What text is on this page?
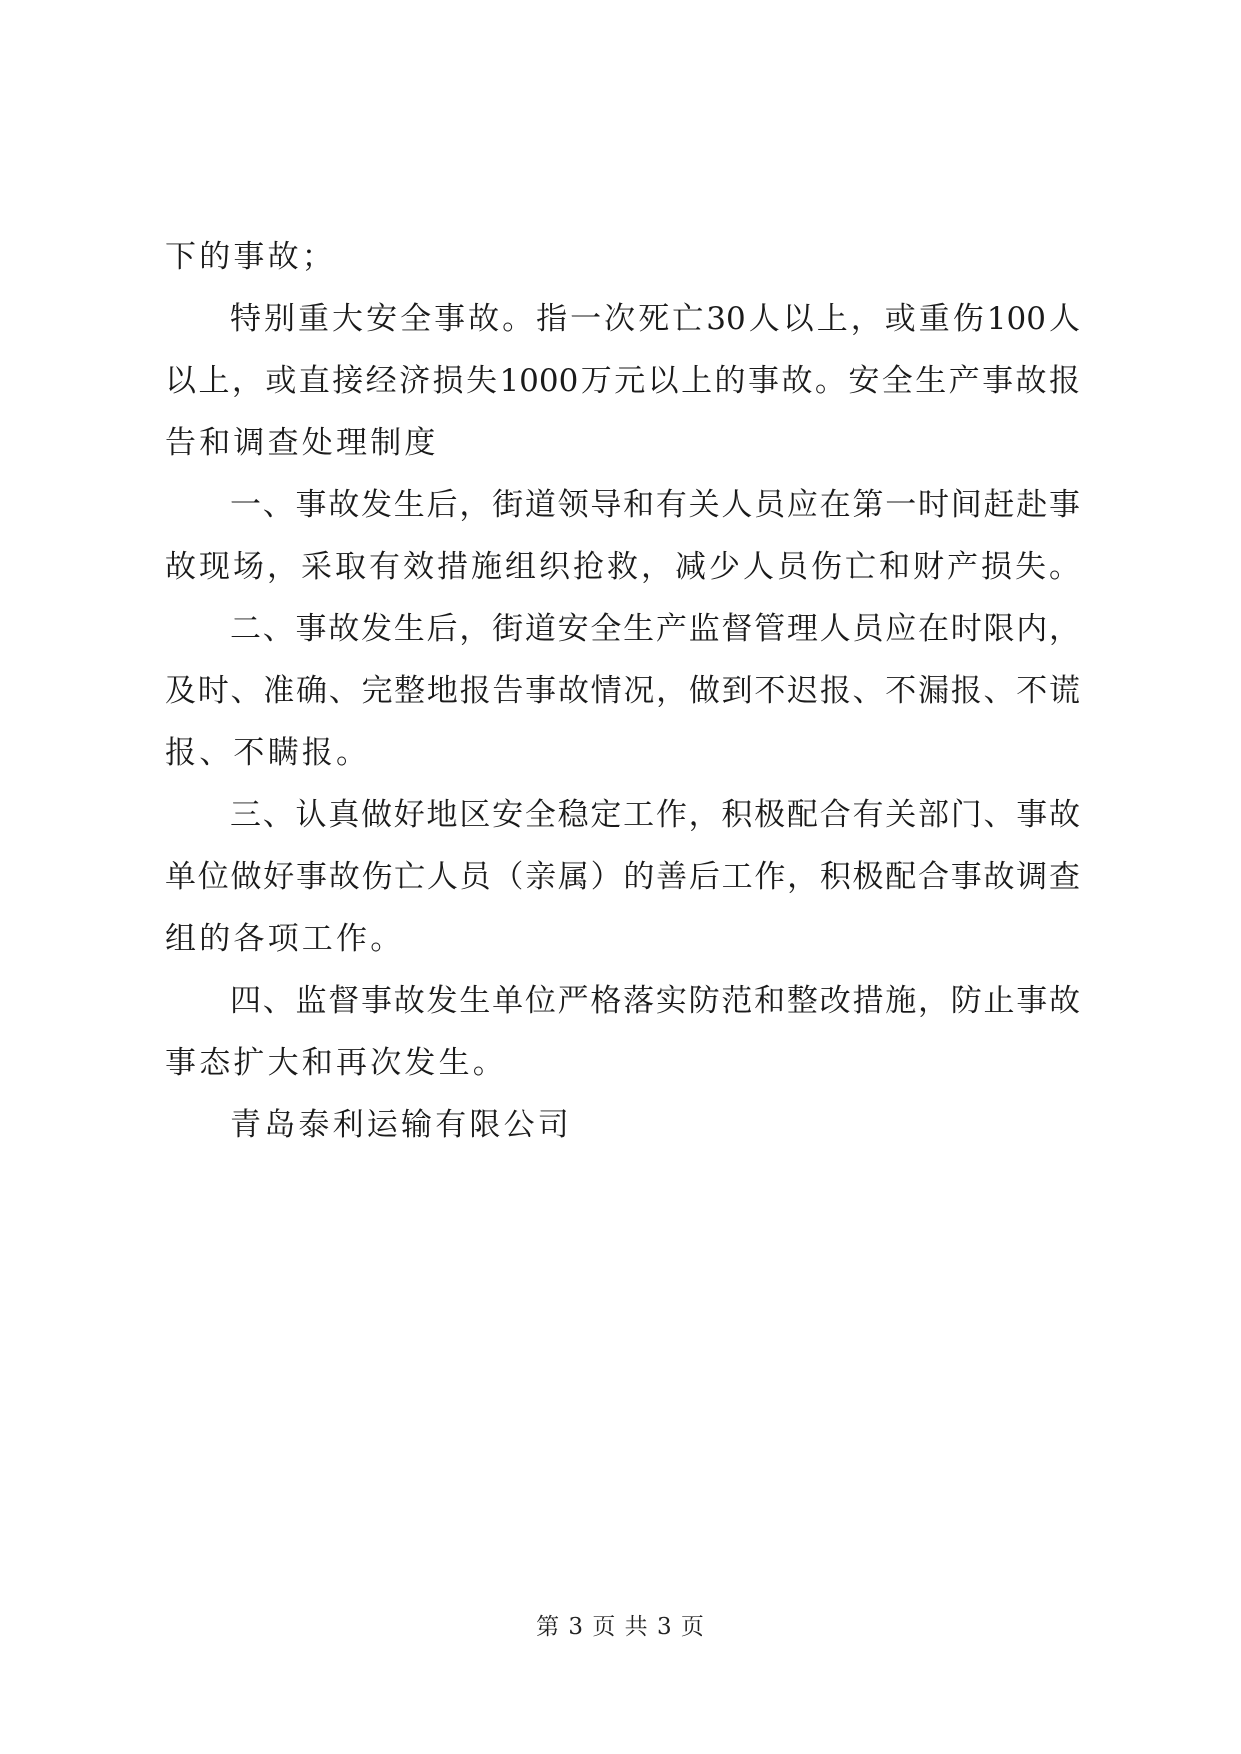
下的事故；
特别重大安全事故。指一次死亡30人以上，或重伤100人
以上，或直接经济损失1000万元以上的事故。安全生产事故报
告和调查处理制度
一、事故发生后，街道领导和有关人员应在第一时间赶赴事
故现场，采取有效措施组织抢救，减少人员伤亡和财产损失。
二、事故发生后，街道安全生产监督管理人员应在时限内，
及时、准确、完整地报告事故情况，做到不迟报、不漏报、不谎
报、不瞒报。
三、认真做好地区安全稳定工作，积极配合有关部门、事故
单位做好事故伤亡人员（亲属）的善后工作，积极配合事故调查
组的各项工作。
四、监督事故发生单位严格落实防范和整改措施，防止事故
事态扩大和再次发生。
青岛泰利运输有限公司
第 3 页 共 3 页
